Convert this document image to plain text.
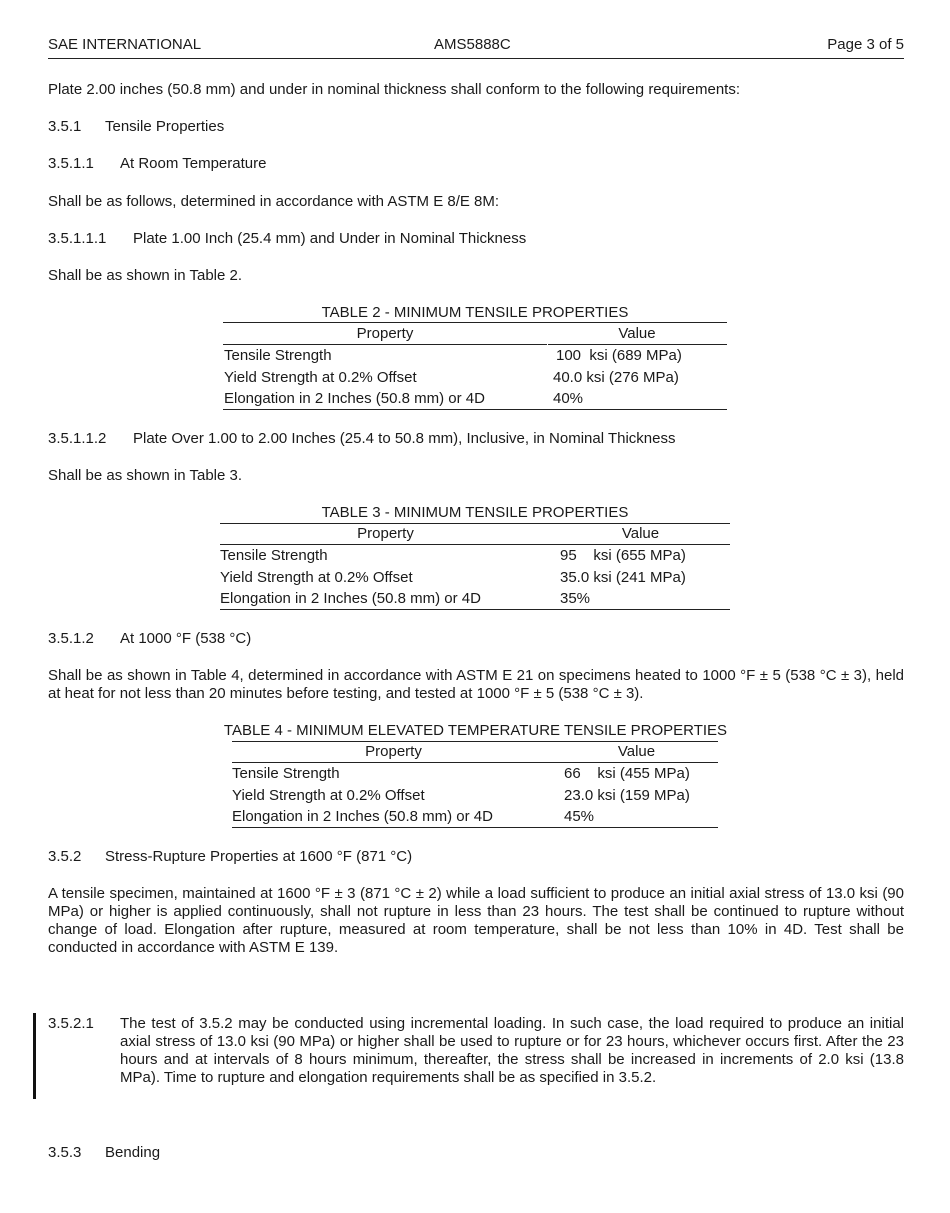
SAE INTERNATIONAL	AMS5888C	Page 3 of 5
Plate 2.00 inches (50.8 mm) and under in nominal thickness shall conform to the following requirements:
3.5.1 Tensile Properties
3.5.1.1 At Room Temperature
Shall be as follows, determined in accordance with ASTM E 8/E 8M:
3.5.1.1.1 Plate 1.00 Inch (25.4 mm) and Under in Nominal Thickness
Shall be as shown in Table 2.
TABLE 2 - MINIMUM TENSILE PROPERTIES
Property	Value
Tensile Strength	100  ksi (689 MPa)
Yield Strength at 0.2% Offset	40.0 ksi (276 MPa)
Elongation in 2 Inches (50.8 mm) or 4D	40%
3.5.1.1.2 Plate Over 1.00 to 2.00 Inches (25.4 to 50.8 mm), Inclusive, in Nominal Thickness
Shall be as shown in Table 3.
TABLE 3 - MINIMUM TENSILE PROPERTIES
Property	Value
Tensile Strength	95    ksi (655 MPa)
Yield Strength at 0.2% Offset	35.0 ksi (241 MPa)
Elongation in 2 Inches (50.8 mm) or 4D	35%
3.5.1.2 At 1000 °F (538 °C)
Shall be as shown in Table 4, determined in accordance with ASTM E 21 on specimens heated to 1000 °F ± 5 (538 °C ± 3), held at heat for not less than 20 minutes before testing, and tested at 1000 °F ± 5 (538 °C ± 3).
TABLE 4 - MINIMUM ELEVATED TEMPERATURE TENSILE PROPERTIES
Property	Value
Tensile Strength	66    ksi (455 MPa)
Yield Strength at 0.2% Offset	23.0 ksi (159 MPa)
Elongation in 2 Inches (50.8 mm) or 4D	45%
3.5.2 Stress-Rupture Properties at 1600 °F (871 °C)
A tensile specimen, maintained at 1600 °F ± 3 (871 °C ± 2) while a load sufficient to produce an initial axial stress of 13.0 ksi (90 MPa) or higher is applied continuously, shall not rupture in less than 23 hours. The test shall be continued to rupture without change of load. Elongation after rupture, measured at room temperature, shall be not less than 10% in 4D. Test shall be conducted in accordance with ASTM E 139.
3.5.2.1 The test of 3.5.2 may be conducted using incremental loading. In such case, the load required to produce an initial axial stress of 13.0 ksi (90 MPa) or higher shall be used to rupture or for 23 hours, whichever occurs first. After the 23 hours and at intervals of 8 hours minimum, thereafter, the stress shall be increased in increments of 2.0 ksi (13.8 MPa). Time to rupture and elongation requirements shall be as specified in 3.5.2.
3.5.3 Bending
